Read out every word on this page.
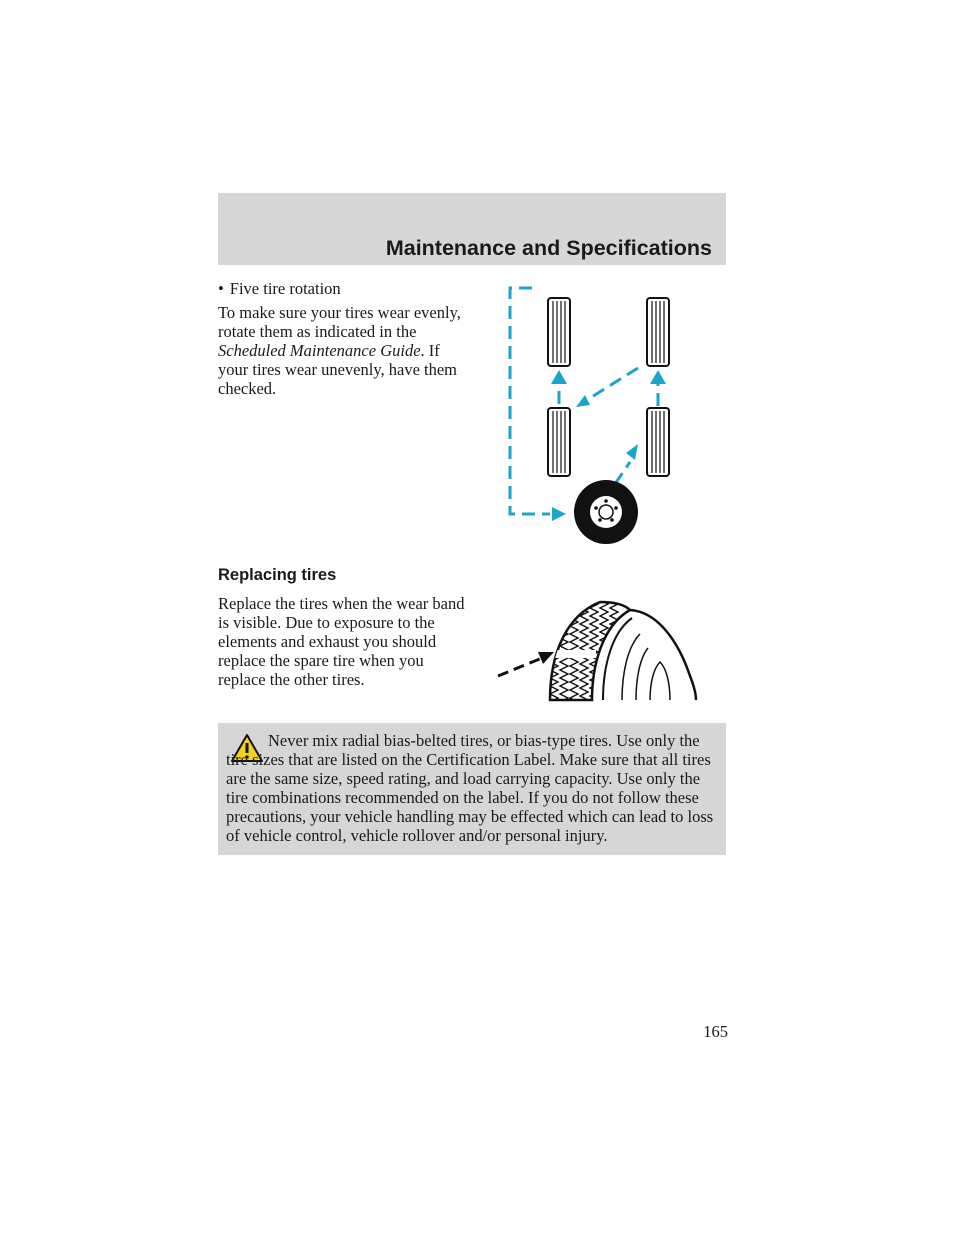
Maintenance and Specifications
• Five tire rotation

To make sure your tires wear evenly, rotate them as indicated in the Scheduled Maintenance Guide. If your tires wear unevenly, have them checked.

Replacing tires

Replace the tires when the wear band is visible. Due to exposure to the elements and exhaust you should replace the spare tire when you replace the other tires.

Never mix radial bias-belted tires, or bias-type tires. Use only the tire sizes that are listed on the Certification Label. Make sure that all tires are the same size, speed rating, and load carrying capacity. Use only the tire combinations recommended on the label. If you do not follow these precautions, your vehicle handling may be effected which can lead to loss of vehicle control, vehicle rollover and/or personal injury.

165
